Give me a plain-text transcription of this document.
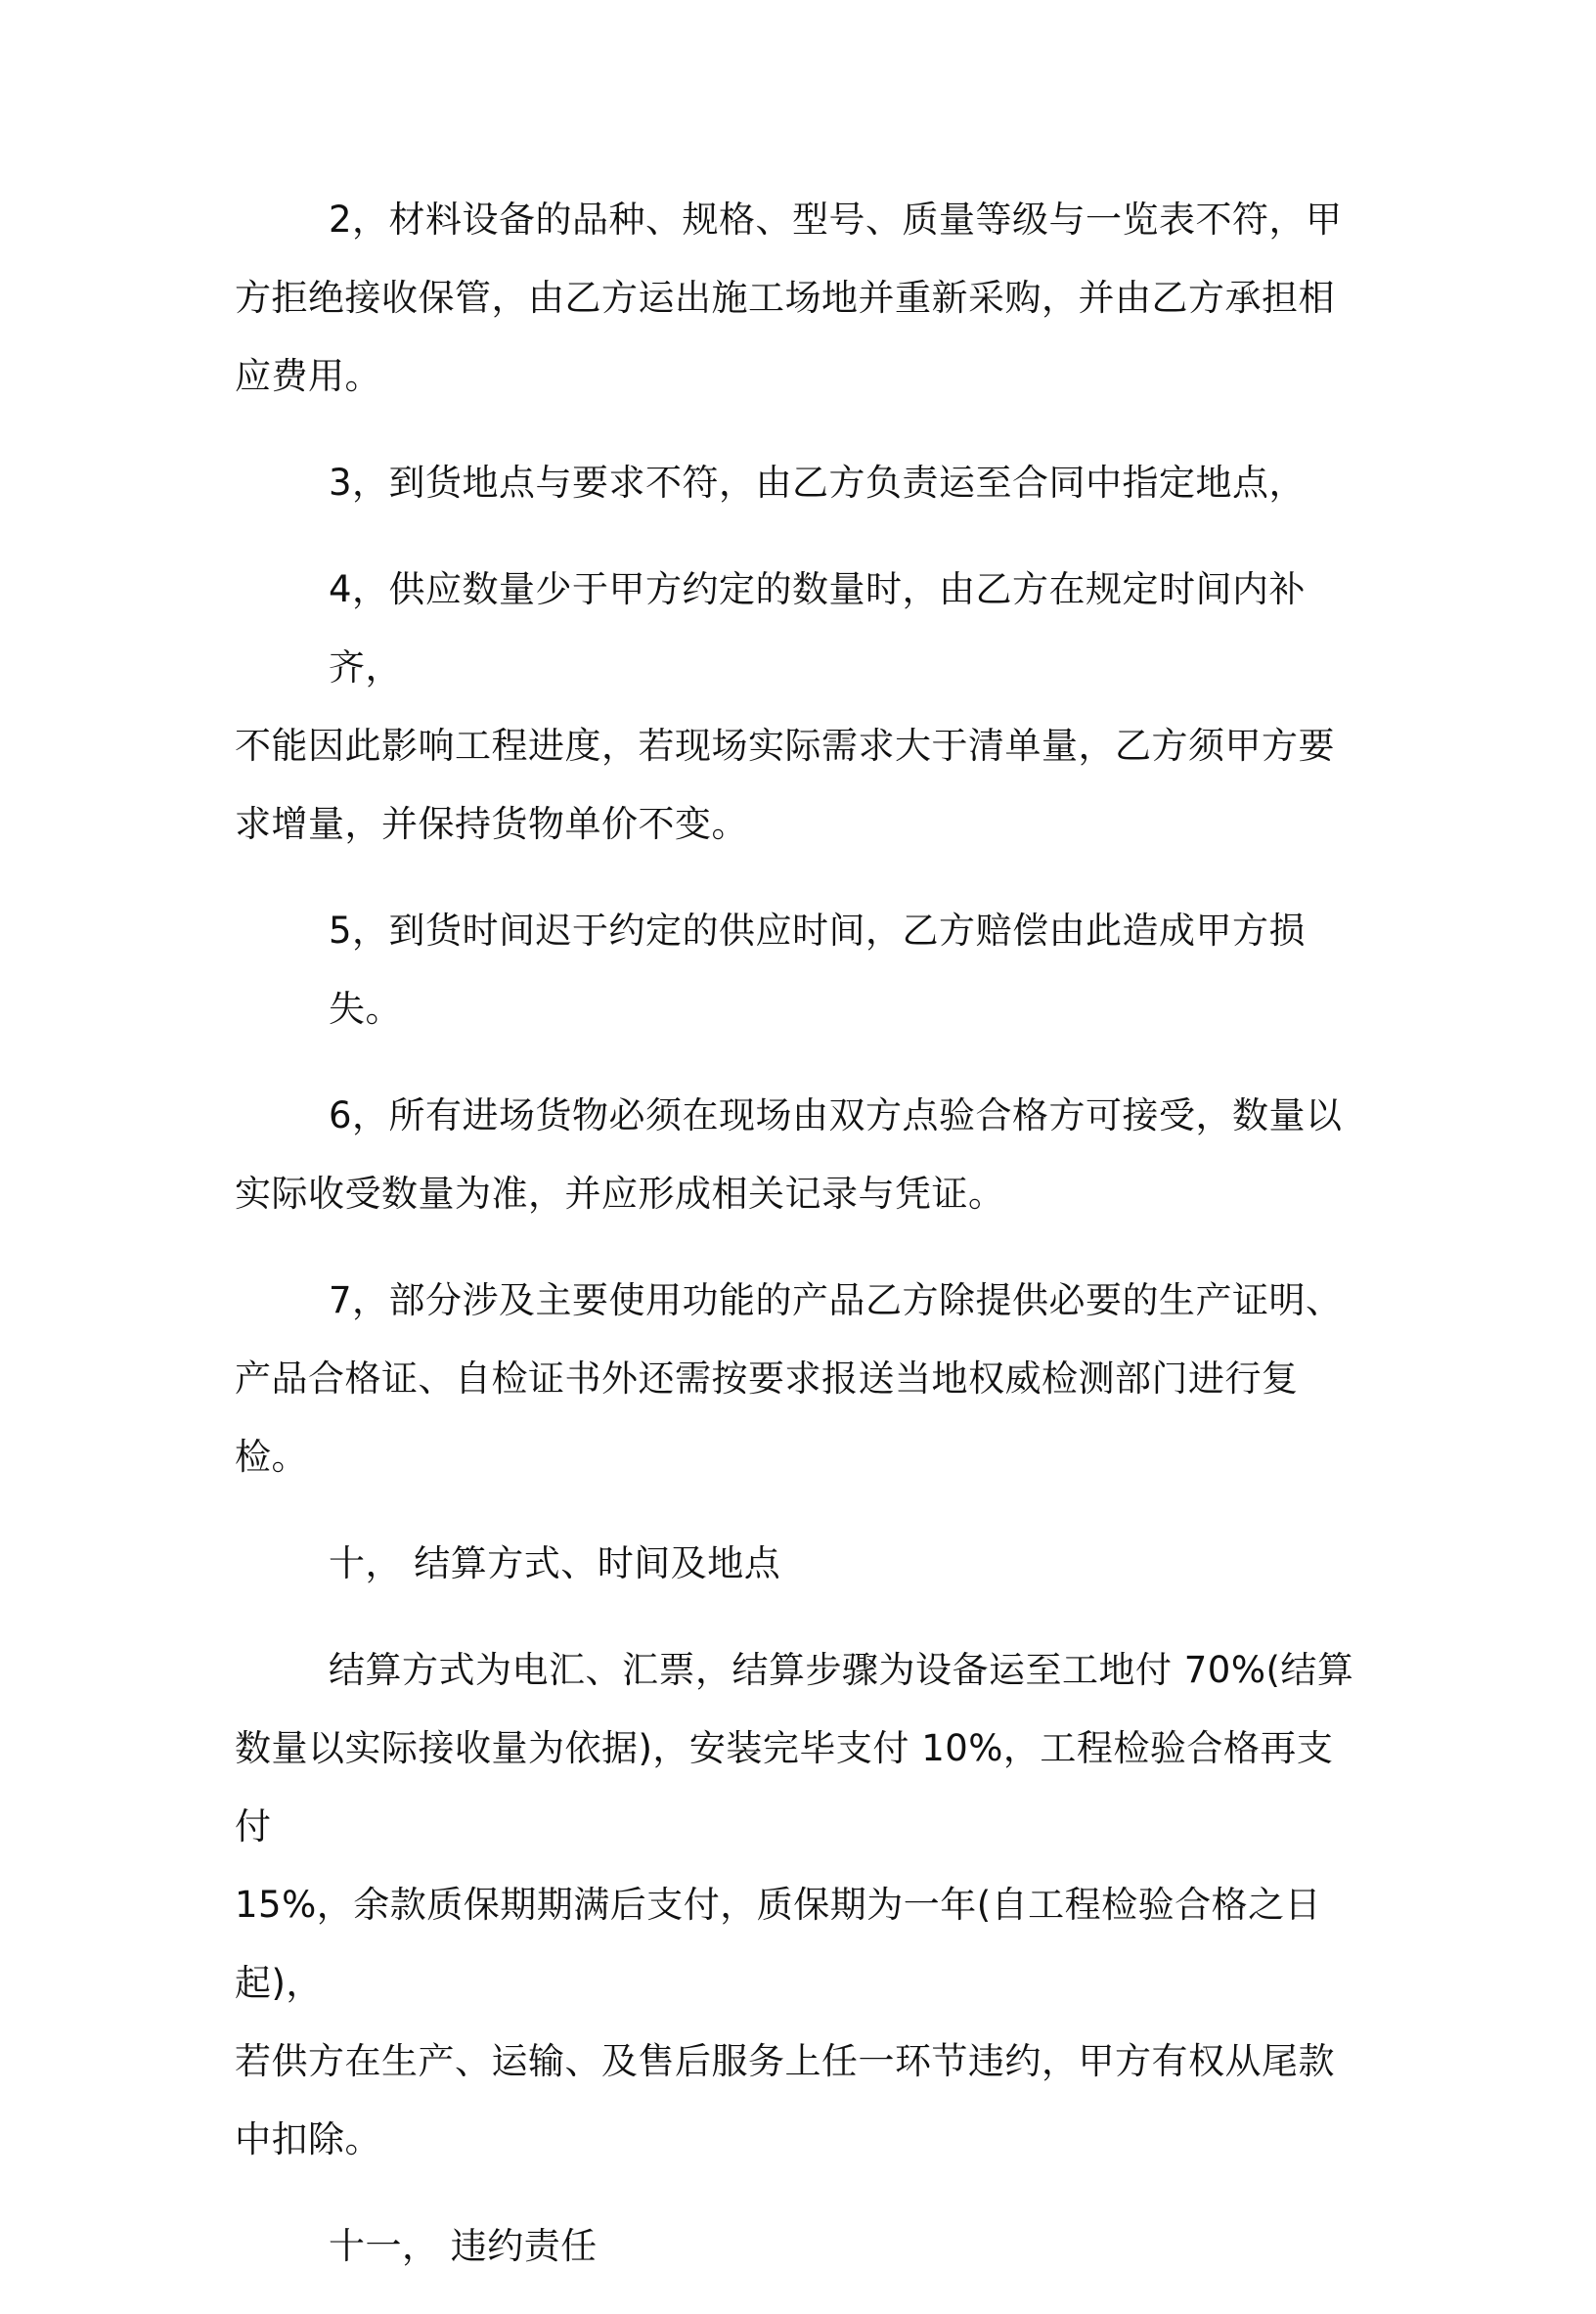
2，材料设备的品种、规格、型号、质量等级与一览表不符，甲
方拒绝接收保管，由乙方运出施工场地并重新采购，并由乙方承担相
应费用。

3，到货地点与要求不符，由乙方负责运至合同中指定地点，

4，供应数量少于甲方约定的数量时，由乙方在规定时间内补齐，
不能因此影响工程进度，若现场实际需求大于清单量，乙方须甲方要
求增量，并保持货物单价不变。

5，到货时间迟于约定的供应时间，乙方赔偿由此造成甲方损失。

6，所有进场货物必须在现场由双方点验合格方可接受，数量以
实际收受数量为准，并应形成相关记录与凭证。

7，部分涉及主要使用功能的产品乙方除提供必要的生产证明、
产品合格证、自检证书外还需按要求报送当地权威检测部门进行复检。

十， 结算方式、时间及地点

结算方式为电汇、汇票，结算步骤为设备运至工地付 70%(结算
数量以实际接收量为依据)，安装完毕支付 10%，工程检验合格再支付
15%，余款质保期期满后支付，质保期为一年(自工程检验合格之日起)，
若供方在生产、运输、及售后服务上任一环节违约，甲方有权从尾款
中扣除。

十一， 违约责任
